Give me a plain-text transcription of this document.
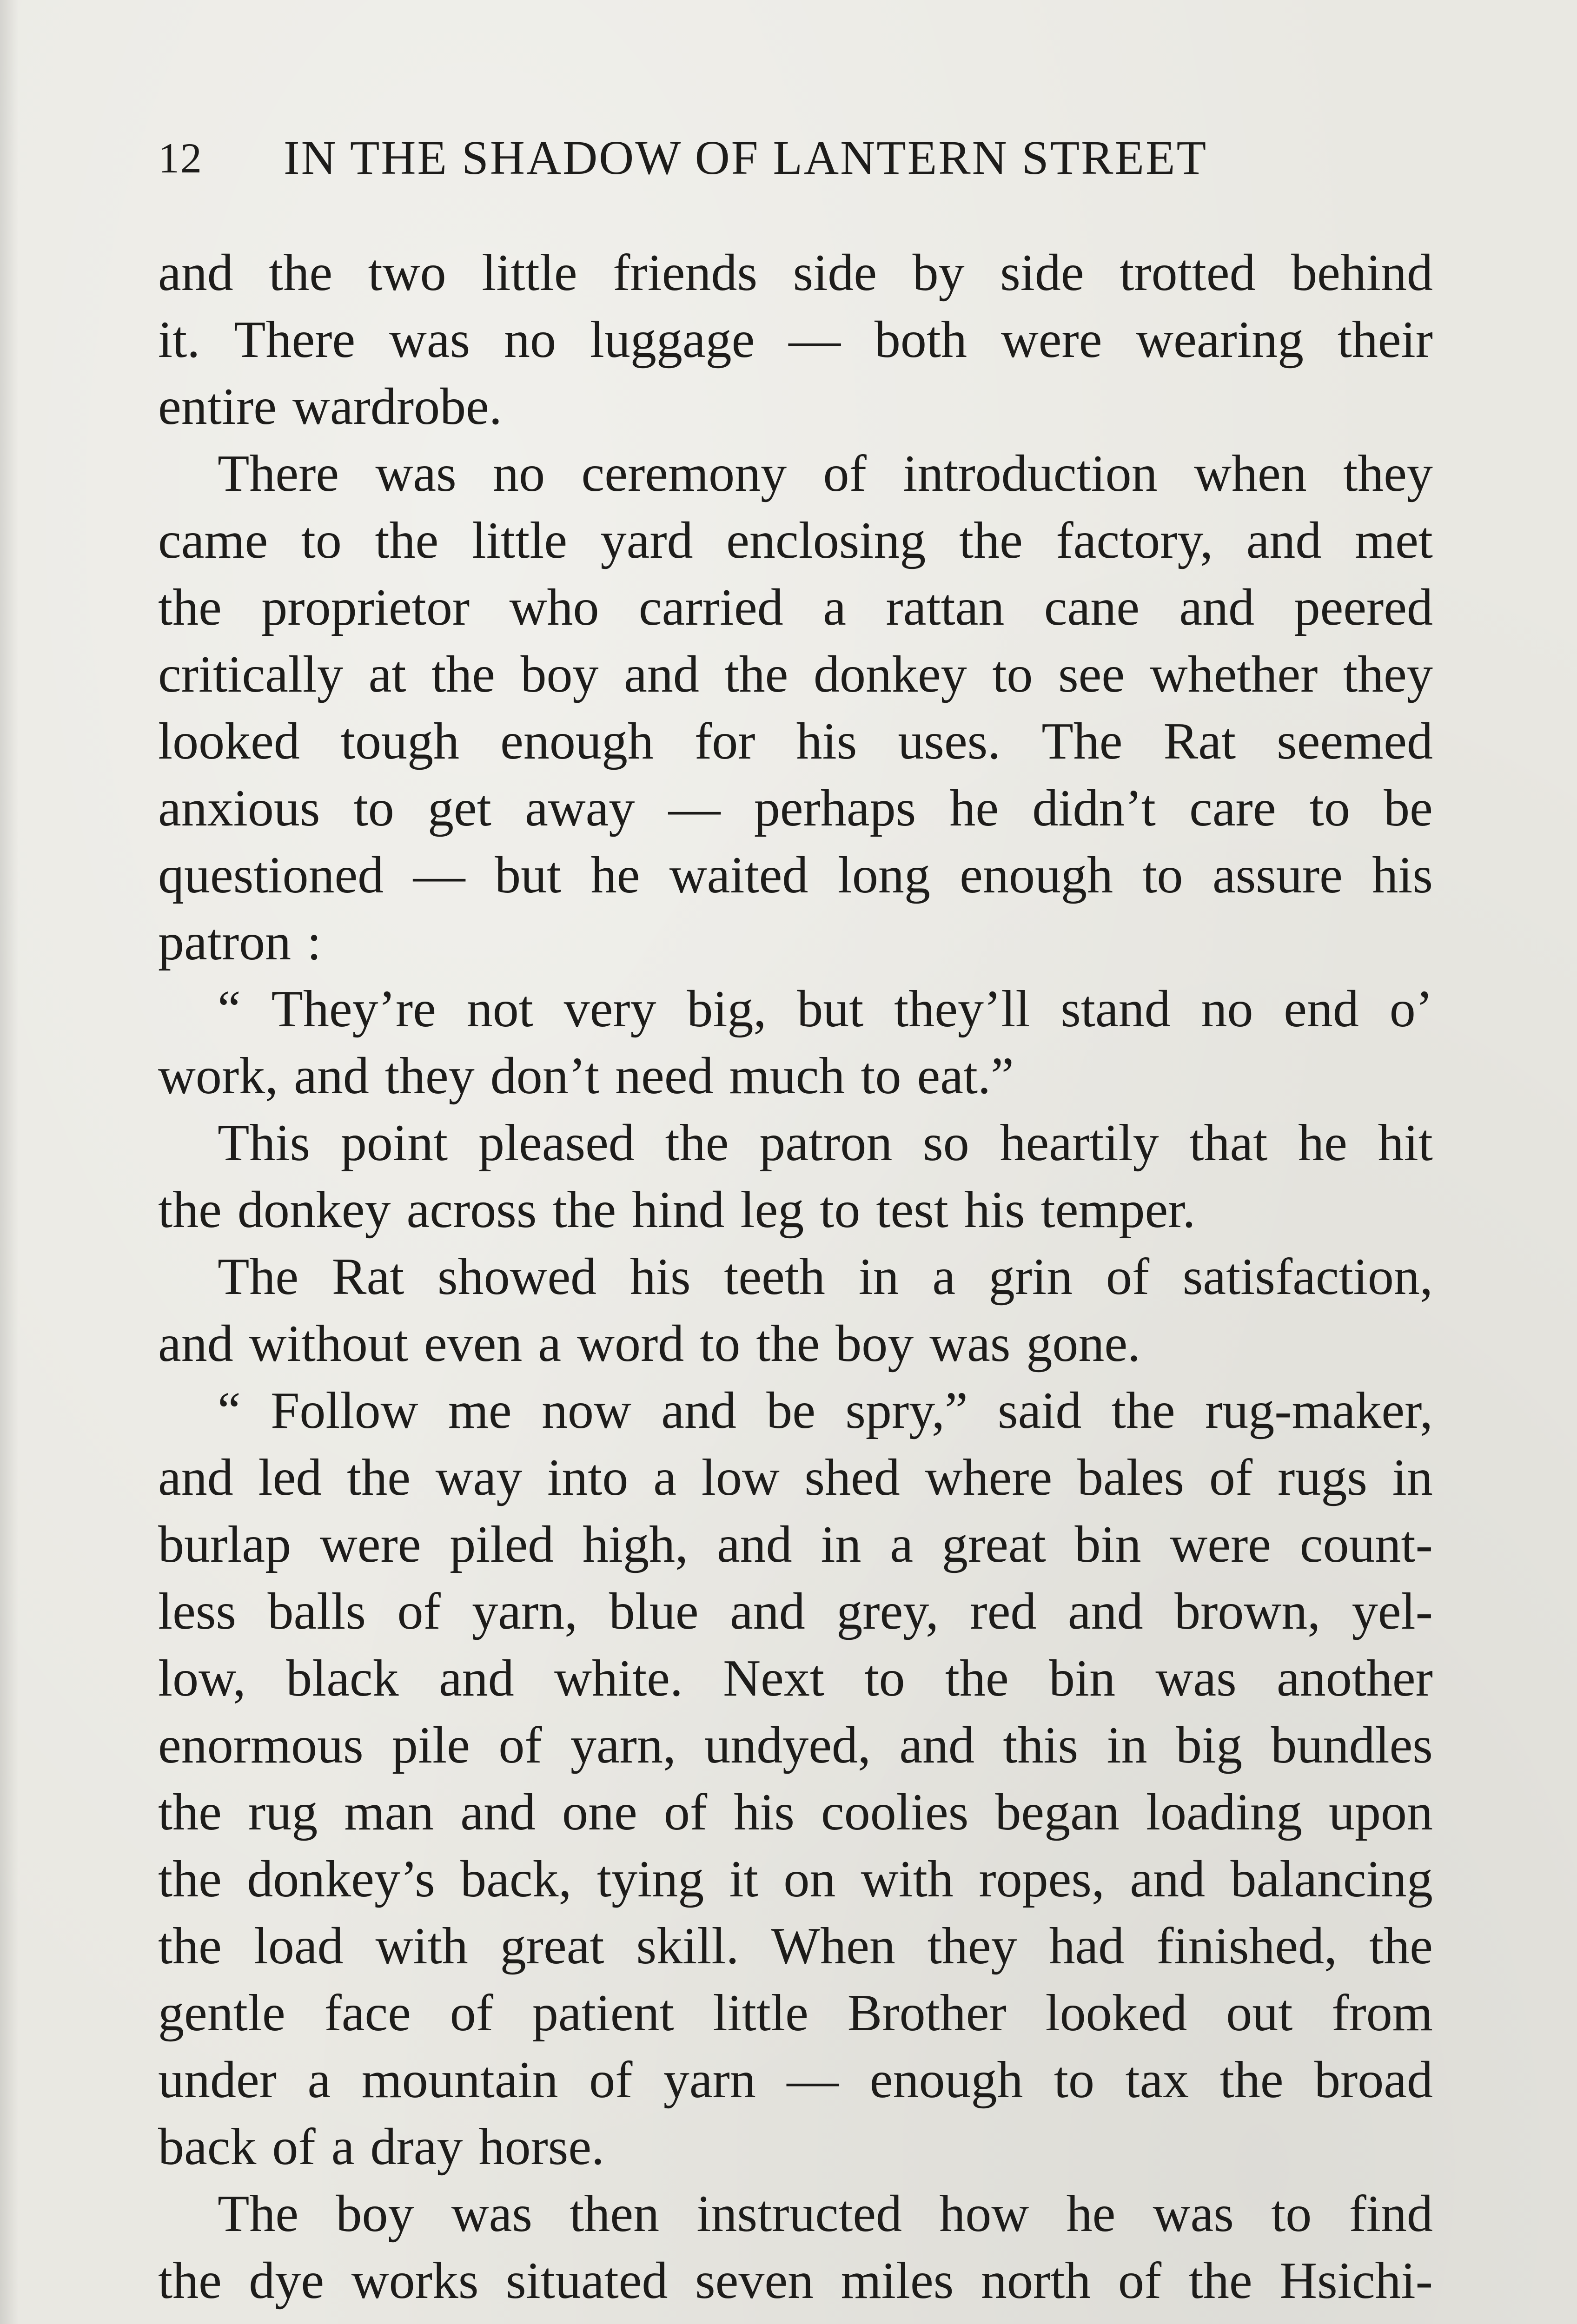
12 IN THE SHADOW OF LANTERN STREET
and the two little friends side by side trotted behind
it. There was no luggage — both were wearing their
entire wardrobe.
There was no ceremony of introduction when they
came to the little yard enclosing the factory, and met
the proprietor who carried a rattan cane and peered
critically at the boy and the donkey to see whether they
looked tough enough for his uses. The Rat seemed
anxious to get away — perhaps he didn’t care to be
questioned — but he waited long enough to assure his
patron :
“ They’re not very big, but they’ll stand no end o’
work, and they don’t need much to eat.”
This point pleased the patron so heartily that he hit
the donkey across the hind leg to test his temper.
The Rat showed his teeth in a grin of satisfaction,
and without even a word to the boy was gone.
“ Follow me now and be spry,” said the rug-maker,
and led the way into a low shed where bales of rugs in
burlap were piled high, and in a great bin were count-
less balls of yarn, blue and grey, red and brown, yel-
low, black and white. Next to the bin was another
enormous pile of yarn, undyed, and this in big bundles
the rug man and one of his coolies began loading upon
the donkey’s back, tying it on with ropes, and balancing
the load with great skill. When they had finished, the
gentle face of patient little Brother looked out from
under a mountain of yarn — enough to tax the broad
back of a dray horse.
The boy was then instructed how he was to find
the dye works situated seven miles north of the Hsichi-
